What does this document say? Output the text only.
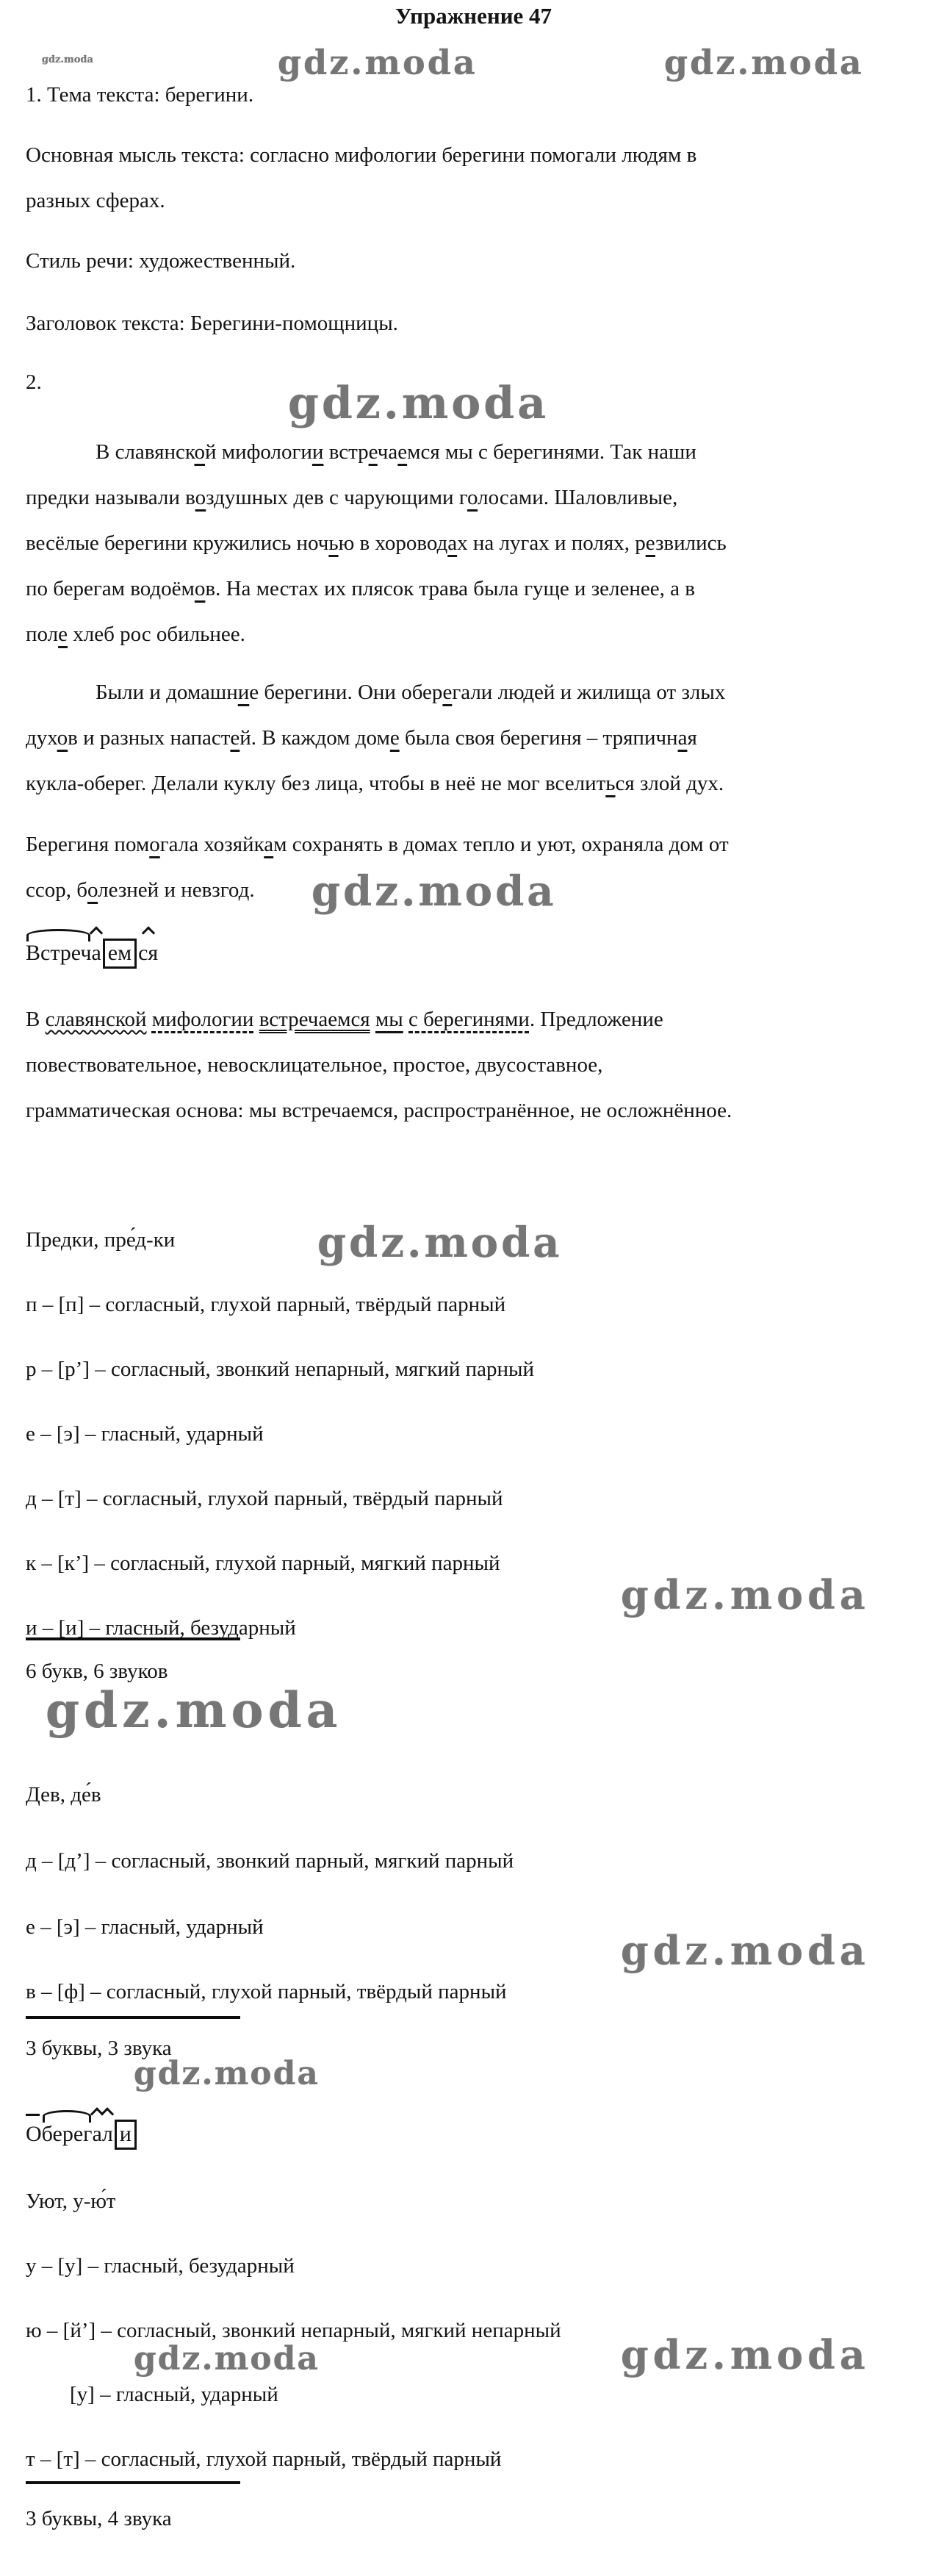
Упражнение 47
gdz.moda	gdz.moda	gdz.moda
gdz.moda
gdz.moda
gdz.moda
gdz.moda
gdz.moda
gdz.moda
gdz.moda
gdz.moda	gdz.moda
1. Тема текста: берегини.
Основная мысль текста: согласно мифологии берегини помогали людям в
разных сферах.
Стиль речи: художественный.
Заголовок текста: Берегини-помощницы.
2.
В славянской мифологии встречаемся мы с берегинями. Так наши
предки называли воздушных дев с чарующими голосами. Шаловливые,
весёлые берегини кружились ночью в хороводах на лугах и полях, резвились
по берегам водоёмов. На местах их плясок трава была гуще и зеленее, а в
поле хлеб рос обильнее.
Были и домашние берегини. Они оберегали людей и жилища от злых
духов и разных напастей. В каждом доме была своя берегиня – тряпичная
кукла-оберег. Делали куклу без лица, чтобы в неё не мог вселиться злой дух.
Берегиня помогала хозяйкам сохранять в домах тепло и уют, охраняла дом от
ссор, болезней и невзгод.
Встреча ем ся
В славянской мифологии встречаемся мы с берегинями. Предложение
повествовательное, невосклицательное, простое, двусоставное,
грамматическая основа: мы встречаемся, распространённое, не осложнённое.
Предки, пре́д-ки
п – [п] – согласный, глухой парный, твёрдый парный
р – [р’] – согласный, звонкий непарный, мягкий парный
е – [э] – гласный, ударный
д – [т] – согласный, глухой парный, твёрдый парный
к – [к’] – согласный, глухой парный, мягкий парный
и – [и] – гласный, безударный
6 букв, 6 звуков
Дев, де́в
д – [д’] – согласный, звонкий парный, мягкий парный
е – [э] – гласный, ударный
в – [ф] – согласный, глухой парный, твёрдый парный
3 буквы, 3 звука
Оберегал и
Уют, у-ю́т
у – [у] – гласный, безударный
ю – [й’] – согласный, звонкий непарный, мягкий непарный
[у] – гласный, ударный
т – [т] – согласный, глухой парный, твёрдый парный
3 буквы, 4 звука
